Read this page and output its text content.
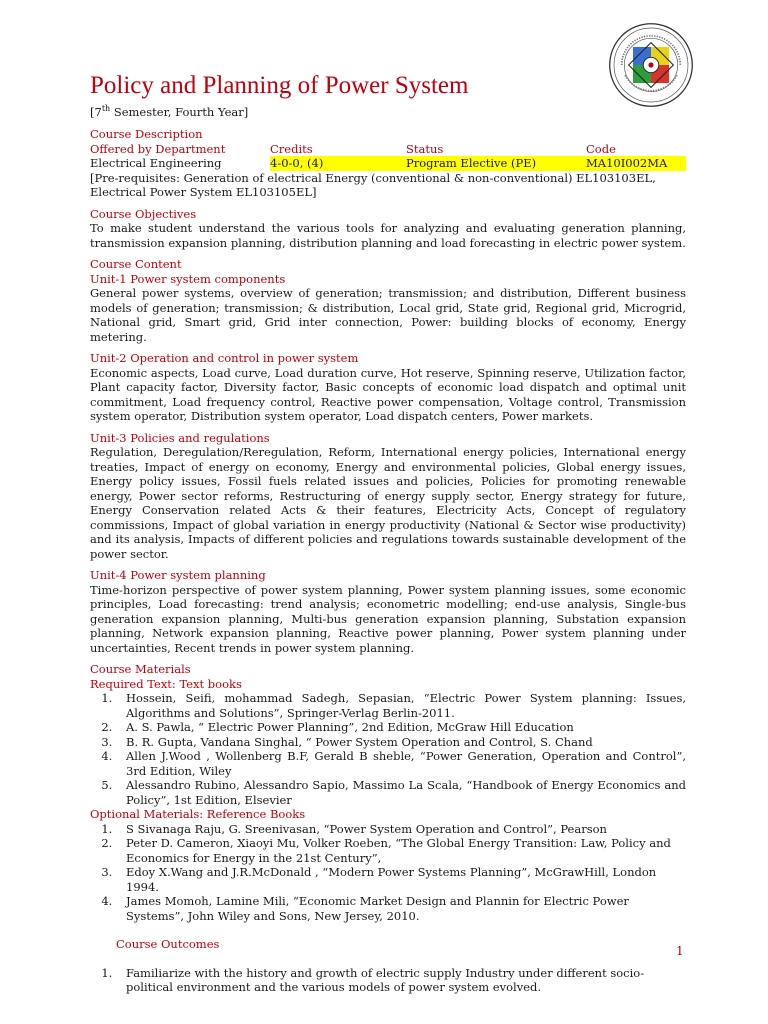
Policy and Planning of Power System
[7th Semester, Fourth Year]
Course Description
Offered by Department	Credits	Status	Code
Electrical Engineering	4-0-0, (4)	Program Elective (PE)	MA10I002MA
[Pre-requisites: Generation of electrical Energy (conventional & non-conventional) EL103103EL, Electrical Power System EL103105EL]
Course Objectives
To make student understand the various tools for analyzing and evaluating generation planning, transmission expansion planning, distribution planning and load forecasting in electric power system.
Course Content
Unit-1 Power system components
General power systems, overview of generation; transmission; and distribution, Different business models of generation; transmission; & distribution, Local grid, State grid, Regional grid, Microgrid, National grid, Smart grid, Grid inter connection, Power: building blocks of economy, Energy metering.
Unit-2 Operation and control in power system
Economic aspects, Load curve, Load duration curve, Hot reserve, Spinning reserve, Utilization factor, Plant capacity factor, Diversity factor, Basic concepts of economic load dispatch and optimal unit commitment, Load frequency control, Reactive power compensation, Voltage control, Transmission system operator, Distribution system operator, Load dispatch centers, Power markets.
Unit-3 Policies and regulations
Regulation, Deregulation/Reregulation, Reform, International energy policies, International energy treaties, Impact of energy on economy, Energy and environmental policies, Global energy issues, Energy policy issues, Fossil fuels related issues and policies, Policies for promoting renewable energy, Power sector reforms, Restructuring of energy supply sector, Energy strategy for future, Energy Conservation related Acts & their features, Electricity Acts, Concept of regulatory commissions, Impact of global variation in energy productivity (National & Sector wise productivity) and its analysis, Impacts of different policies and regulations towards sustainable development of the power sector.
Unit-4 Power system planning
Time-horizon perspective of power system planning, Power system planning issues, some economic principles, Load forecasting: trend analysis; econometric modelling; end-use analysis, Single-bus generation expansion planning, Multi-bus generation expansion planning, Substation expansion planning, Network expansion planning, Reactive power planning, Power system planning under uncertainties, Recent trends in power system planning.
Course Materials
Required Text: Text books
1. Hossein, Seifi, mohammad Sadegh, Sepasian, “Electric Power System planning: Issues, Algorithms and Solutions”, Springer-Verlag Berlin-2011.
2. A. S. Pawla, “ Electric Power Planning”, 2nd Edition, McGraw Hill Education
3. B. R. Gupta, Vandana Singhal, “ Power System Operation and Control, S. Chand
4. Allen J.Wood , Wollenberg B.F, Gerald B sheble, “Power Generation, Operation and Control”, 3rd Edition, Wiley
5. Alessandro Rubino, Alessandro Sapio, Massimo La Scala, “Handbook of Energy Economics and Policy”, 1st Edition, Elsevier
Optional Materials: Reference Books
1. S Sivanaga Raju, G. Sreenivasan, “Power System Operation and Control”, Pearson
2. Peter D. Cameron, Xiaoyi Mu, Volker Roeben, “The Global Energy Transition: Law, Policy and Economics for Energy in the 21st Century”,
3. Edoy X.Wang and J.R.McDonald , “Modern Power Systems Planning”, McGrawHill, London 1994.
4. James Momoh, Lamine Mili, “Economic Market Design and Plannin for Electric Power Systems”, John Wiley and Sons, New Jersey, 2010.
Course Outcomes
1. Familiarize with the history and growth of electric supply Industry under different socio-political environment and the various models of power system evolved.
1
